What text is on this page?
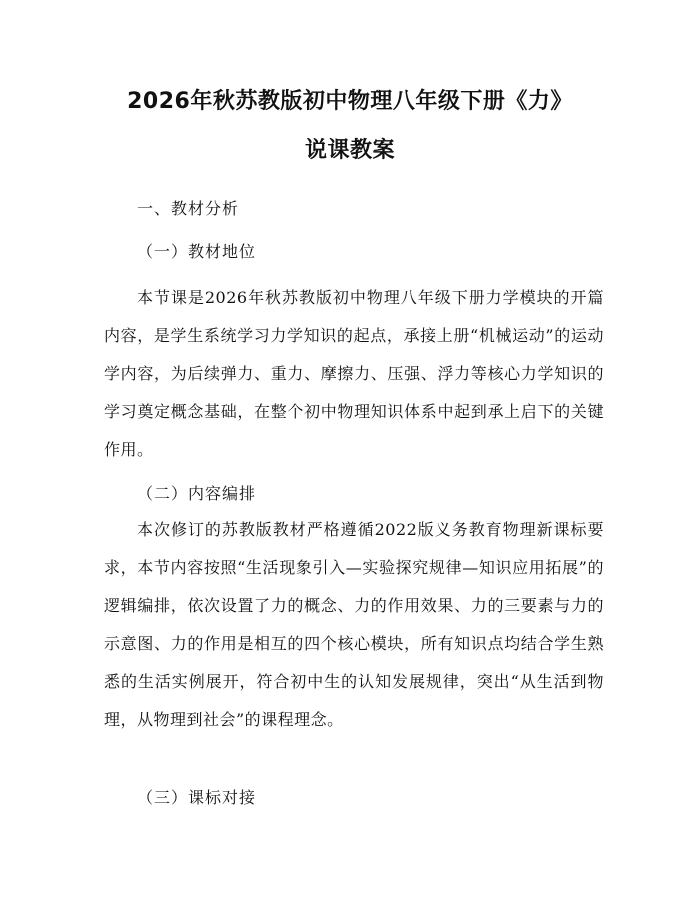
2026年秋苏教版初中物理八年级下册《力》
说课教案
一、教材分析
（一）教材地位
本节课是2026年秋苏教版初中物理八年级下册力学模块的开篇内容，是学生系统学习力学知识的起点，承接上册“机械运动”的运动学内容，为后续弹力、重力、摩擦力、压强、浮力等核心力学知识的学习奠定概念基础，在整个初中物理知识体系中起到承上启下的关键作用。
（二）内容编排
本次修订的苏教版教材严格遵循2022版义务教育物理新课标要求，本节内容按照“生活现象引入—实验探究规律—知识应用拓展”的逻辑编排，依次设置了力的概念、力的作用效果、力的三要素与力的示意图、力的作用是相互的四个核心模块，所有知识点均结合学生熟悉的生活实例展开，符合初中生的认知发展规律，突出“从生活到物理，从物理到社会”的课程理念。
（三）课标对接
